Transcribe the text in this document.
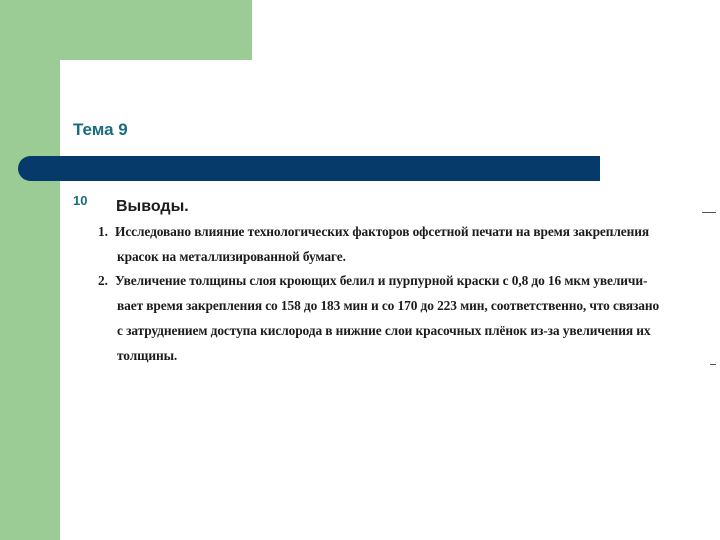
Тема 9
10 Выводы.
1. Исследовано влияние технологических факторов офсетной печати на время закрепления
красок на металлизированной бумаге.
2. Увеличение толщины слоя кроющих белил и пурпурной краски с 0,8 до 16 мкм увеличи-
вает время закрепления со 158 до 183 мин и со 170 до 223 мин, соответственно, что связано
с затруднением доступа кислорода в нижние слои красочных плёнок из-за увеличения их
толщины.
